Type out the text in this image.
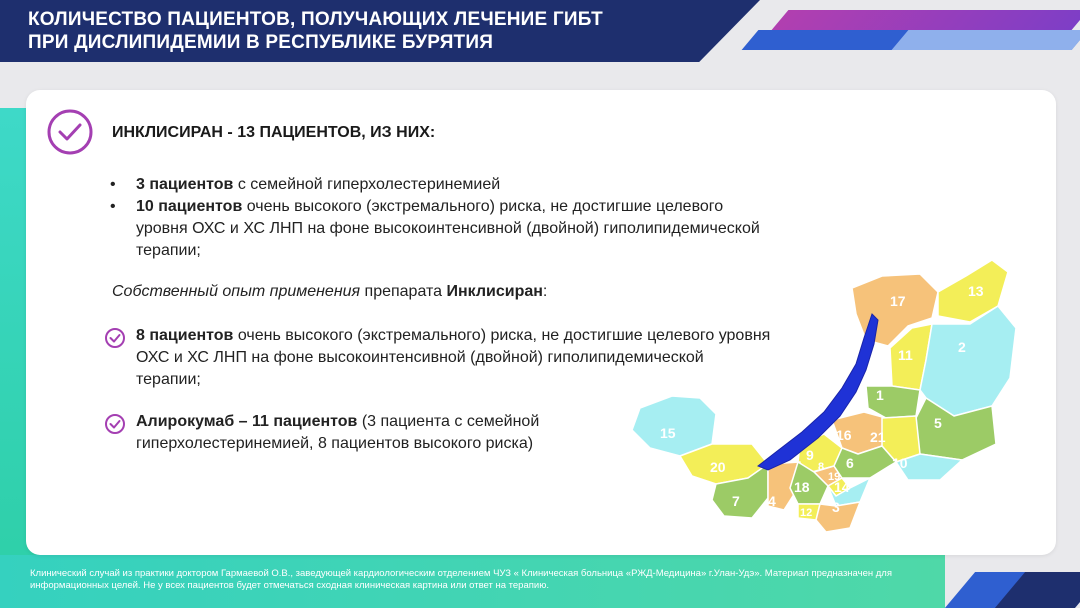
КОЛИЧЕСТВО ПАЦИЕНТОВ, ПОЛУЧАЮЩИХ ЛЕЧЕНИЕ ГИБТ
ПРИ ДИСЛИПИДЕМИИ В РЕСПУБЛИКЕ БУРЯТИЯ
ИНКЛИСИРАН - 13 ПАЦИЕНТОВ, ИЗ НИХ:
• 3 пациентов с семейной гиперхолестеринемией
• 10 пациентов очень высокого (экстремального) риска, не достигшие целевого уровня ОХС и ХС ЛНП на фоне высокоинтенсивной (двойной) гиполипидемической терапии;
Собственный опыт применения препарата Инклисиран:
8 пациентов очень высокого (экстремального) риска, не достигшие целевого уровня ОХС и ХС ЛНП на фоне высокоинтенсивной (двойной) гиполипидемической терапии;
Алирокумаб – 11 пациентов (3 пациента с семейной гиперхолестеринемией, 8 пациентов высокого риска)
17
13
11	2
1
5
16 21
15
20
9
8
19
6	10
7 4
18 14
12 3
Клинический случай из практики доктором Гармаевой О.В., заведующей кардиологическим отделением ЧУЗ « Клиническая больница «РЖД-Медицина» г.Улан-Удэ». Материал предназначен для информационных целей. Не у всех пациентов будет отмечаться сходная клиническая картина или ответ на терапию.
